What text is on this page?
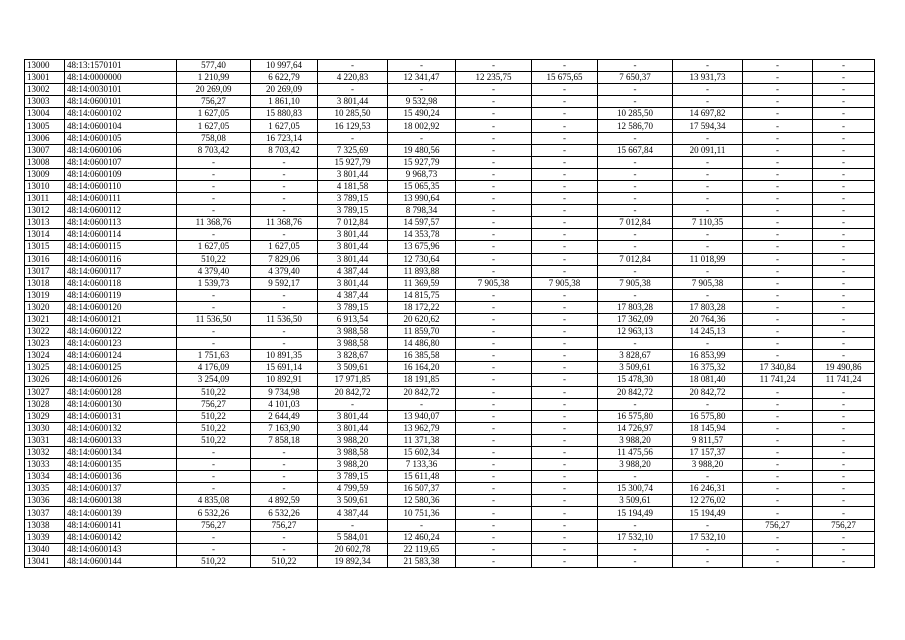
13000	48:13:1570101	577,40	10 997,64	-	-	-	-	-	-	-	-
13001	48:14:0000000	1 210,99	6 622,79	4 220,83	12 341,47	12 235,75	15 675,65	7 650,37	13 931,73	-	-
13002	48:14:0030101	20 269,09	20 269,09	-	-	-	-	-	-	-	-
13003	48:14:0600101	756,27	1 861,10	3 801,44	9 532,98	-	-	-	-	-	-
13004	48:14:0600102	1 627,05	15 880,83	10 285,50	15 490,24	-	-	10 285,50	14 697,82	-	-
13005	48:14:0600104	1 627,05	1 627,05	16 129,53	18 002,92	-	-	12 586,70	17 594,34	-	-
13006	48:14:0600105	758,08	16 723,14	-	-	-	-	-	-	-	-
13007	48:14:0600106	8 703,42	8 703,42	7 325,69	19 480,56	-	-	15 667,84	20 091,11	-	-
13008	48:14:0600107	-	-	15 927,79	15 927,79	-	-	-	-	-	-
13009	48:14:0600109	-	-	3 801,44	9 968,73	-	-	-	-	-	-
13010	48:14:0600110	-	-	4 181,58	15 065,35	-	-	-	-	-	-
13011	48:14:0600111	-	-	3 789,15	13 990,64	-	-	-	-	-	-
13012	48:14:0600112	-	-	3 789,15	8 798,34	-	-	-	-	-	-
13013	48:14:0600113	11 368,76	11 368,76	7 012,84	14 597,57	-	-	7 012,84	7 110,35	-	-
13014	48:14:0600114	-	-	3 801,44	14 353,78	-	-	-	-	-	-
13015	48:14:0600115	1 627,05	1 627,05	3 801,44	13 675,96	-	-	-	-	-	-
13016	48:14:0600116	510,22	7 829,06	3 801,44	12 730,64	-	-	7 012,84	11 018,99	-	-
13017	48:14:0600117	4 379,40	4 379,40	4 387,44	11 893,88	-	-	-	-	-	-
13018	48:14:0600118	1 539,73	9 592,17	3 801,44	11 369,59	7 905,38	7 905,38	7 905,38	7 905,38	-	-
13019	48:14:0600119	-	-	4 387,44	14 815,75	-	-	-	-	-	-
13020	48:14:0600120	-	-	3 789,15	18 172,22	-	-	17 803,28	17 803,28	-	-
13021	48:14:0600121	11 536,50	11 536,50	6 913,54	20 620,62	-	-	17 362,09	20 764,36	-	-
13022	48:14:0600122	-	-	3 988,58	11 859,70	-	-	12 963,13	14 245,13	-	-
13023	48:14:0600123	-	-	3 988,58	14 486,80	-	-	-	-	-	-
13024	48:14:0600124	1 751,63	10 891,35	3 828,67	16 385,58	-	-	3 828,67	16 853,99	-	-
13025	48:14:0600125	4 176,09	15 691,14	3 509,61	16 164,20	-	-	3 509,61	16 375,32	17 340,84	19 490,86
13026	48:14:0600126	3 254,09	10 892,91	17 971,85	18 191,85	-	-	15 478,30	18 081,40	11 741,24	11 741,24
13027	48:14:0600128	510,22	9 734,98	20 842,72	20 842,72	-	-	20 842,72	20 842,72	-	-
13028	48:14:0600130	756,27	4 101,03	-	-	-	-	-	-	-	-
13029	48:14:0600131	510,22	2 644,49	3 801,44	13 940,07	-	-	16 575,80	16 575,80	-	-
13030	48:14:0600132	510,22	7 163,90	3 801,44	13 962,79	-	-	14 726,97	18 145,94	-	-
13031	48:14:0600133	510,22	7 858,18	3 988,20	11 371,38	-	-	3 988,20	9 811,57	-	-
13032	48:14:0600134	-	-	3 988,58	15 602,34	-	-	11 475,56	17 157,37	-	-
13033	48:14:0600135	-	-	3 988,20	7 133,36	-	-	3 988,20	3 988,20	-	-
13034	48:14:0600136	-	-	3 789,15	15 611,48	-	-	-	-	-	-
13035	48:14:0600137	-	-	4 799,59	16 507,37	-	-	15 300,74	16 246,31	-	-
13036	48:14:0600138	4 835,08	4 892,59	3 509,61	12 580,36	-	-	3 509,61	12 276,02	-	-
13037	48:14:0600139	6 532,26	6 532,26	4 387,44	10 751,36	-	-	15 194,49	15 194,49	-	-
13038	48:14:0600141	756,27	756,27	-	-	-	-	-	-	756,27	756,27
13039	48:14:0600142	-	-	5 584,01	12 460,24	-	-	17 532,10	17 532,10	-	-
13040	48:14:0600143	-	-	20 602,78	22 119,65	-	-	-	-	-	-
13041	48:14:0600144	510,22	510,22	19 892,34	21 583,38	-	-	-	-	-	-
